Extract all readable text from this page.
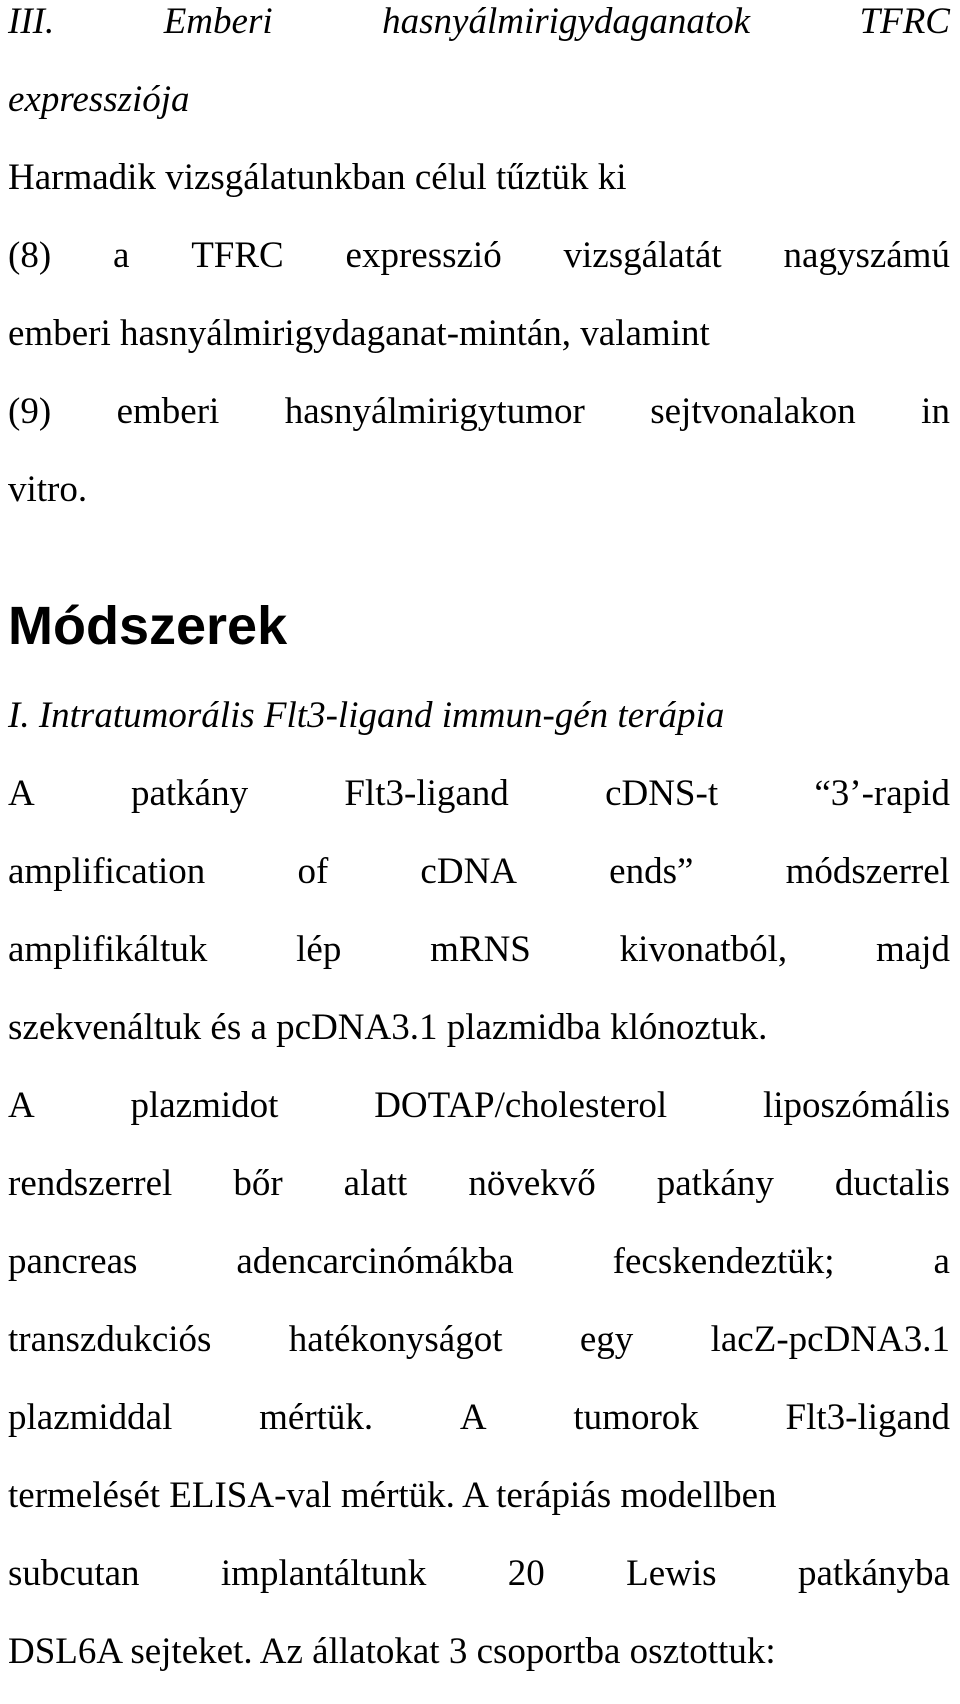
III.	Emberi	hasnyálmirigydaganatok	TFRC
expressziója
Harmadik vizsgálatunkban célul tűztük ki
(8) a TFRC expresszió vizsgálatát nagyszámú
emberi hasnyálmirigydaganat-mintán, valamint
(9) emberi hasnyálmirigytumor sejtvonalakon in
vitro.
Módszerek
I. Intratumorális Flt3-ligand immun-gén terápia
A	patkány	Flt3-ligand	cDNS-t	“3’-rapid
amplification of cDNA ends” módszerrel
amplifikáltuk lép mRNS kivonatból, majd
szekvenáltuk és a pcDNA3.1 plazmidba klónoztuk.
A	plazmidot	DOTAP/cholesterol	liposzómális
rendszerrel bőr alatt növekvő patkány ductalis
pancreas	adencarcinómákba	fecskendeztük;	a
transzdukciós hatékonyságot egy lacZ-pcDNA3.1
plazmiddal mértük. A tumorok Flt3-ligand
termelését ELISA-val mértük. A terápiás modellben
subcutan implantáltunk 20 Lewis patkányba
DSL6A sejteket. Az állatokat 3 csoportba osztottuk:
